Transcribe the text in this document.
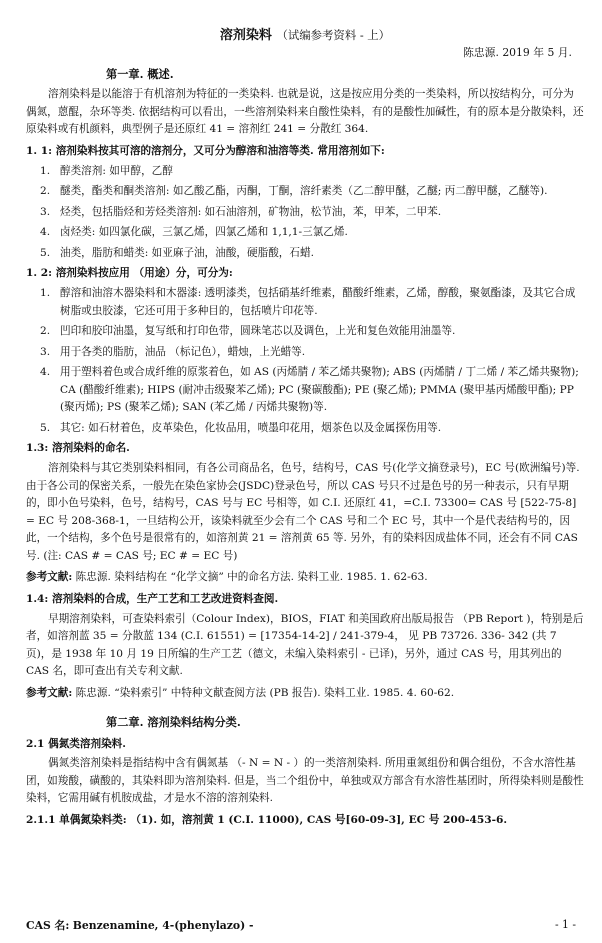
溶剂染料 （试编参考资料 - 上）
陈忠源. 2019 年 5 月.
第一章. 概述.

溶剂染料是以能溶于有机溶剂为特征的一类染料. 也就是说，这是按应用分类的一类染料，所以按结构分，可分为偶氮，蒽醌，杂环等类. 依据结构可以看出，一些溶剂染料来自酸性染料，有的是酸性加碱性，有的原本是分散染料，还原染料或有机颜料，典型例子是还原红 41 = 溶剂红 241 = 分散红 364.

1. 1: 溶剂染料按其可溶的溶剂分，又可分为醇溶和油溶等类. 常用溶剂如下:
1. 醇类溶剂: 如甲醇，乙醇
2. 醚类，酯类和酮类溶剂: 如乙酸乙酯，丙酮，丁酮，溶纤素类（乙二醇甲醚，乙醚; 丙二醇甲醚，乙醚等).
3. 烃类，包括脂烃和芳烃类溶剂: 如石油溶剂，矿物油，松节油，苯，甲苯，二甲苯.
4. 卤烃类: 如四氯化碳，三氯乙烯，四氯乙烯和 1,1,1-三氯乙烯.
5. 油类，脂肪和蜡类: 如亚麻子油，油酸，硬脂酸，石蜡.
1. 2: 溶剂染料按应用 （用途）分，可分为:
1. 醇溶和油溶木器染料和木器漆: 透明漆类，包括硝基纤维素，醋酸纤维素，乙烯，醇酸，聚氨酯漆，及其它合成树脂或虫胶漆，它还可用于多种目的，包括喷片印花等.
2. 凹印和胶印油墨，复写纸和打印色带，圆珠笔芯以及调色，上光和复色效能用油墨等.
3. 用于各类的脂肪，油品 （标记色），蜡烛，上光蜡等.
4. 用于塑料着色或合成纤维的原浆着色，如 AS (丙烯腈 / 苯乙烯共聚物); ABS (丙烯腈 / 丁二烯 / 苯乙烯共聚物); CA (醋酸纤维素); HIPS (耐冲击级聚苯乙烯); PC (聚碳酸酯); PE (聚乙烯); PMMA (聚甲基丙烯酸甲酯); PP (聚丙烯); PS (聚苯乙烯); SAN (苯乙烯 / 丙烯共聚物)等.
5. 其它: 如石材着色，皮革染色，化妆品用，喷墨印花用，烟茶色以及金属探伤用等.
1.3: 溶剂染料的命名.

溶剂染料与其它类别染料相同，有各公司商品名，色号，结构号，CAS 号(化学文摘登录号)，EC 号(欧洲编号)等. 由于各公司的保密关系，一般先在染色家协会(JSDC)登录色号，所以 CAS 号只不过是色号的另一种表示，只有早期的，即小色号染料，色号，结构号，CAS 号与 EC 号相等，如 C.I. 还原红 41，=C.I. 73300= CAS 号 [522-75-8] = EC 号 208-368-1，一旦结构公开，该染料就至少会有二个 CAS 号和二个 EC 号，其中一个是代表结构号的，因此，一个结构，多个色号是很常有的，如溶剂黄 21 = 溶剂黄 65 等. 另外，有的染料因成盐体不同，还会有不同 CAS 号. (注: CAS # = CAS 号; EC # = EC 号)

参考文献: 陈忠源. 染料结构在 “化学文摘” 中的命名方法. 染料工业. 1985. 1. 62-63.

1.4: 溶剂染料的合成，生产工艺和工艺改进资料查阅.

早期溶剂染料，可查染料索引（Colour Index)，BIOS，FIAT 和美国政府出版局报告 （PB Report )，特别是后者，如溶剂蓝 35 = 分散蓝 134 (C.I. 61551) = [17354-14-2] / 241-379-4， 见 PB 73726. 336- 342 (共 7 页)，是 1938 年 10 月 19 日所编的生产工艺（德文，未编入染料索引 - 已译)，另外，通过 CAS 号，用其列出的 CAS 名，即可查出有关专利文献.

参考文献: 陈忠源. “染料索引” 中特种文献查阅方法 (PB 报告). 染料工业. 1985. 4. 60-62.

第二章. 溶剂染料结构分类.
2.1 偶氮类溶剂染料.

偶氮类溶剂染料是指结构中含有偶氮基 （- N = N - ）的一类溶剂染料. 所用重氮组份和偶合组份，不含水溶性基团，如羧酸，磺酸的，其染料即为溶剂染料. 但是，当二个组份中，单独或双方部含有水溶性基团时，所得染料则是酸性染料，它需用碱有机胺成盐，才是水不溶的溶剂染料.

2.1.1 单偶氮染料类: （1). 如，溶剂黄 1 (C.I. 11000), CAS 号[60-09-3], EC 号 200-453-6.
CAS 名: Benzenamine, 4-(phenylazo) -	- 1 -
